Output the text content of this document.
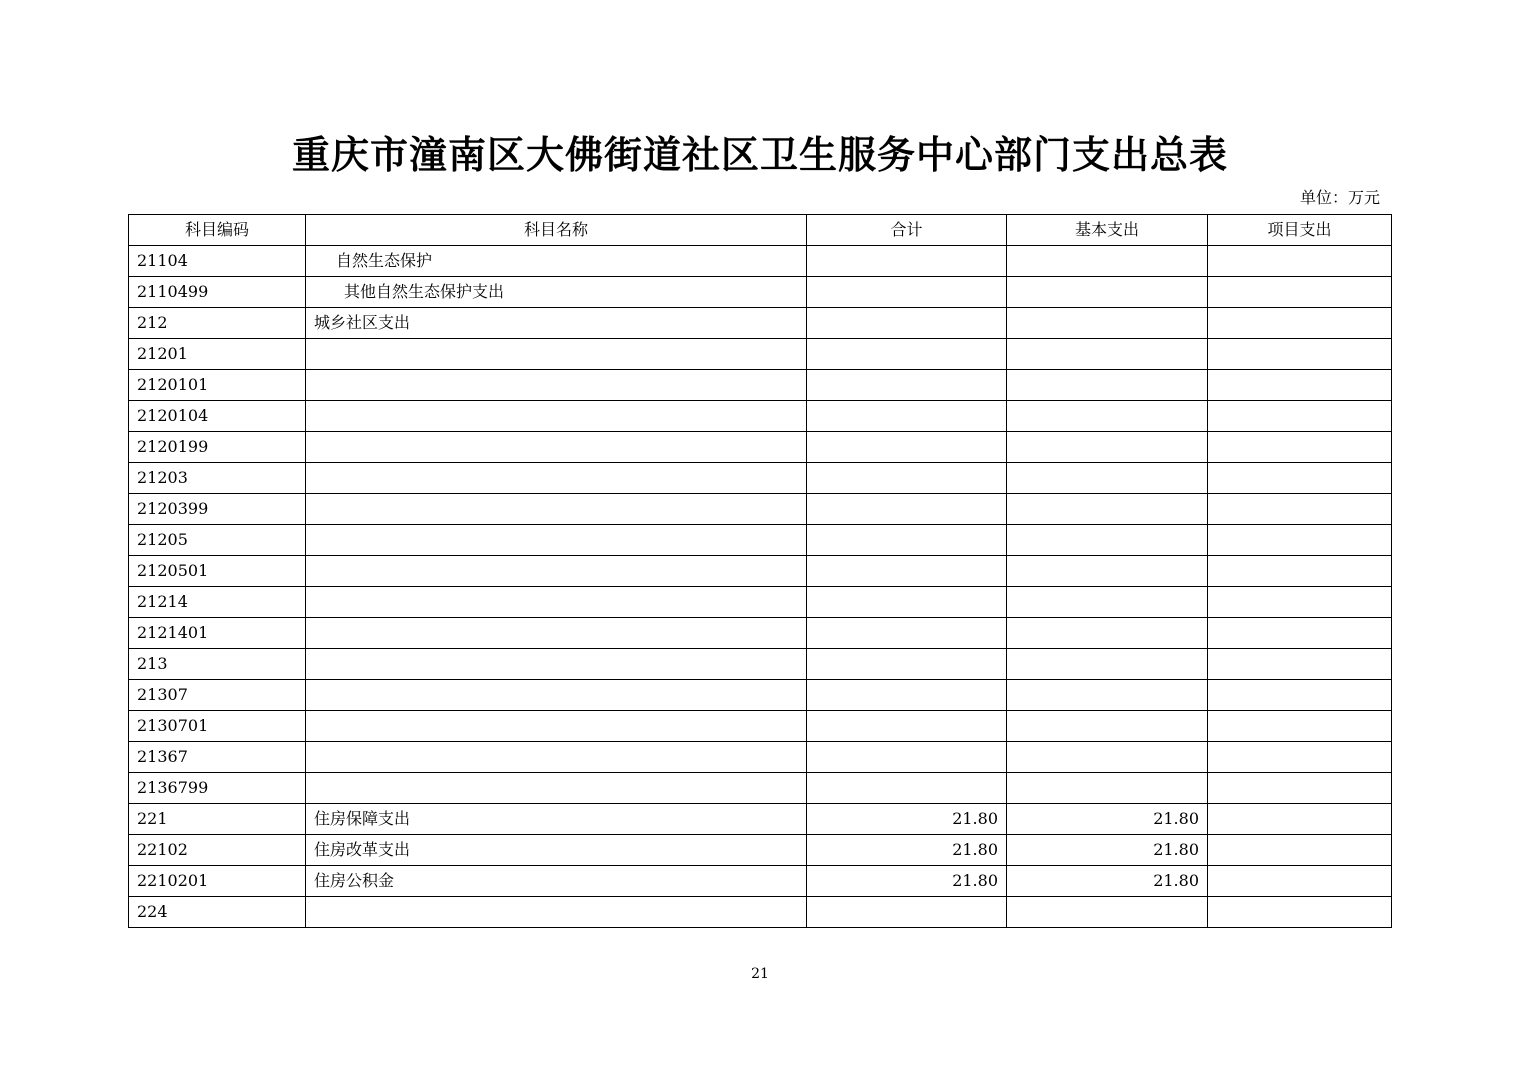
重庆市潼南区大佛街道社区卫生服务中心部门支出总表
单位：万元
科目编码	科目名称	合计	基本支出	项目支出
21104	自然生态保护			
2110499	其他自然生态保护支出			
212	城乡社区支出			
21201				
2120101				
2120104				
2120199				
21203				
2120399				
21205				
2120501				
21214				
2121401				
213				
21307				
2130701				
21367				
2136799				
221	住房保障支出	21.80	21.80	
22102	住房改革支出	21.80	21.80	
2210201	住房公积金	21.80	21.80	
224				
21
